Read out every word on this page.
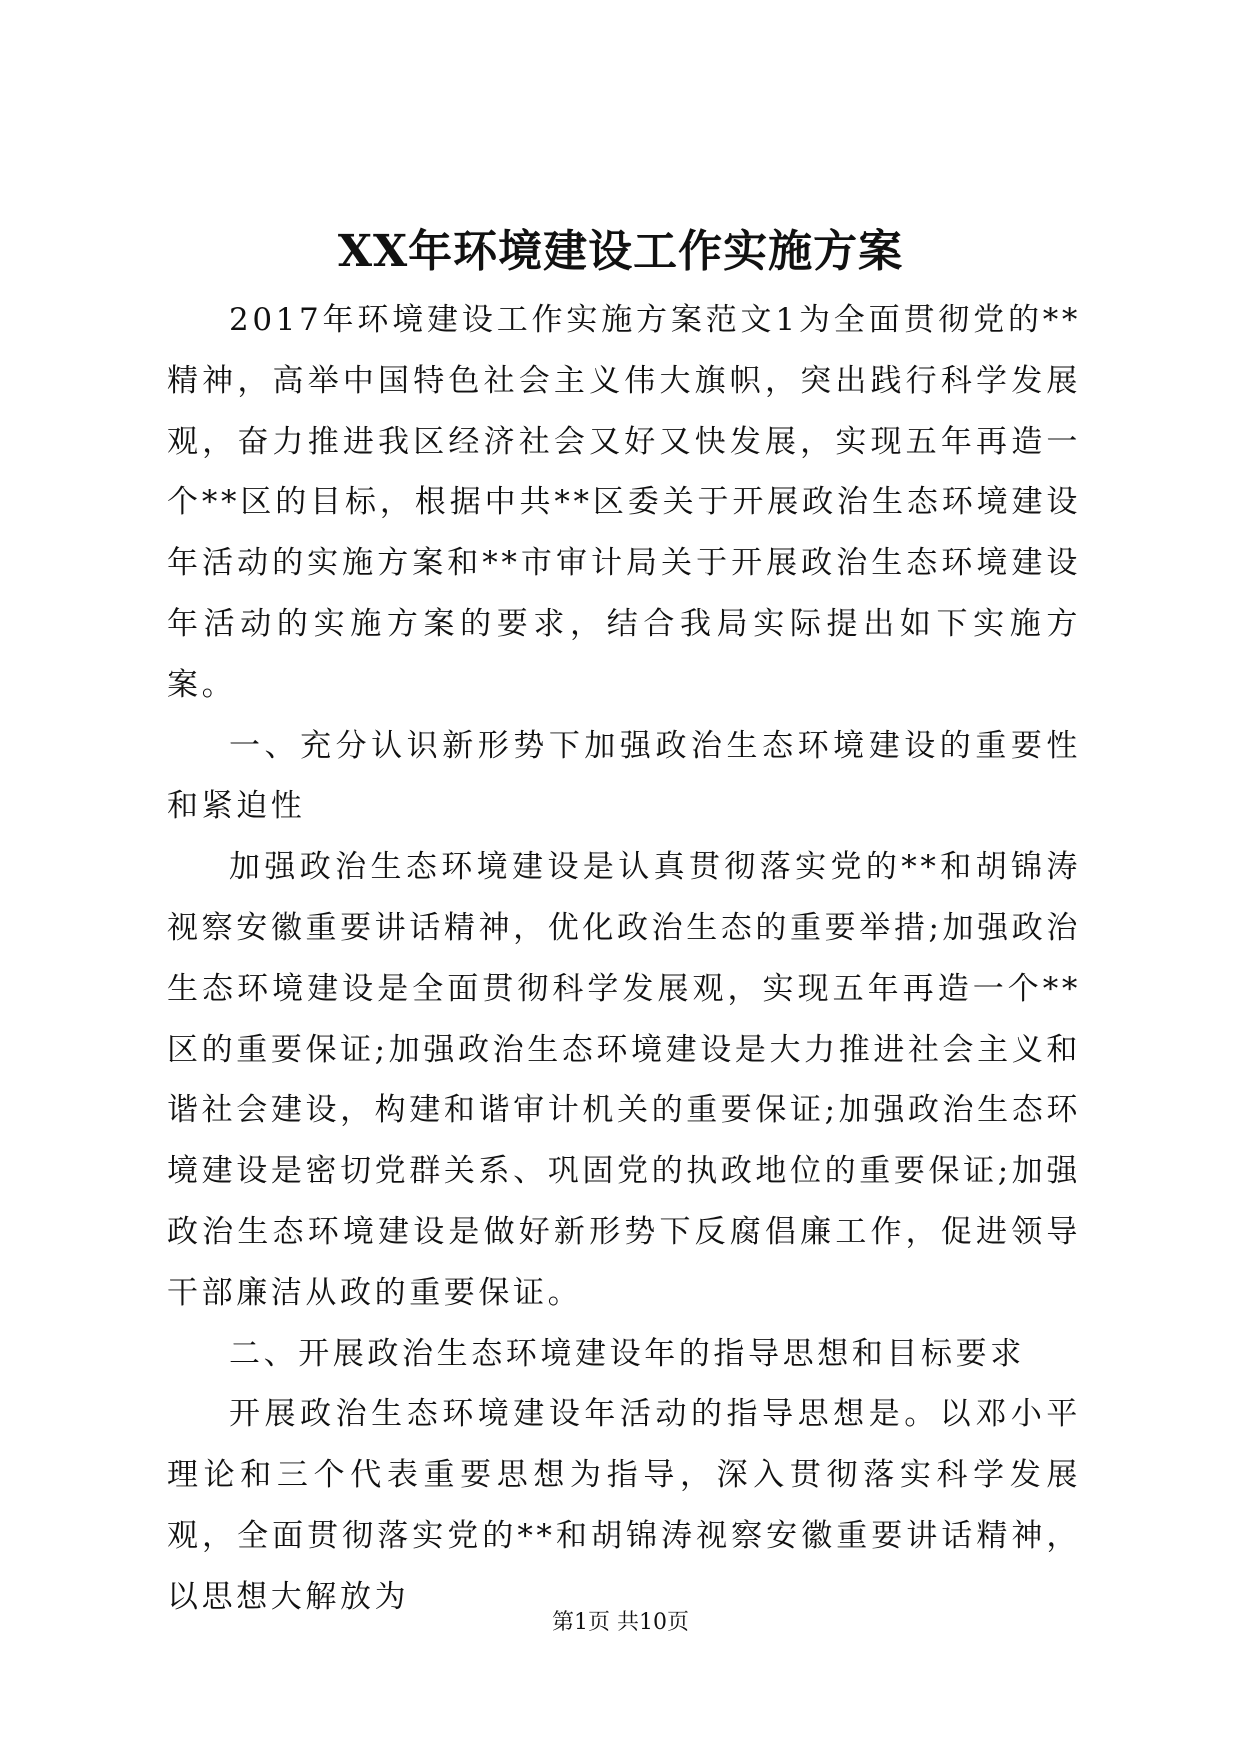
XX年环境建设工作实施方案

2017年环境建设工作实施方案范文1为全面贯彻党的**精神，高举中国特色社会主义伟大旗帜，突出践行科学发展观，奋力推进我区经济社会又好又快发展，实现五年再造一个**区的目标，根据中共**区委关于开展政治生态环境建设年活动的实施方案和**市审计局关于开展政治生态环境建设年活动的实施方案的要求，结合我局实际提出如下实施方案。

一、充分认识新形势下加强政治生态环境建设的重要性和紧迫性

加强政治生态环境建设是认真贯彻落实党的**和胡锦涛视察安徽重要讲话精神，优化政治生态的重要举措;加强政治生态环境建设是全面贯彻科学发展观，实现五年再造一个**区的重要保证;加强政治生态环境建设是大力推进社会主义和谐社会建设，构建和谐审计机关的重要保证;加强政治生态环境建设是密切党群关系、巩固党的执政地位的重要保证;加强政治生态环境建设是做好新形势下反腐倡廉工作，促进领导干部廉洁从政的重要保证。

二、开展政治生态环境建设年的指导思想和目标要求

开展政治生态环境建设年活动的指导思想是。以邓小平理论和三个代表重要思想为指导，深入贯彻落实科学发展观，全面贯彻落实党的**和胡锦涛视察安徽重要讲话精神，以思想大解放为

第1页 共10页
